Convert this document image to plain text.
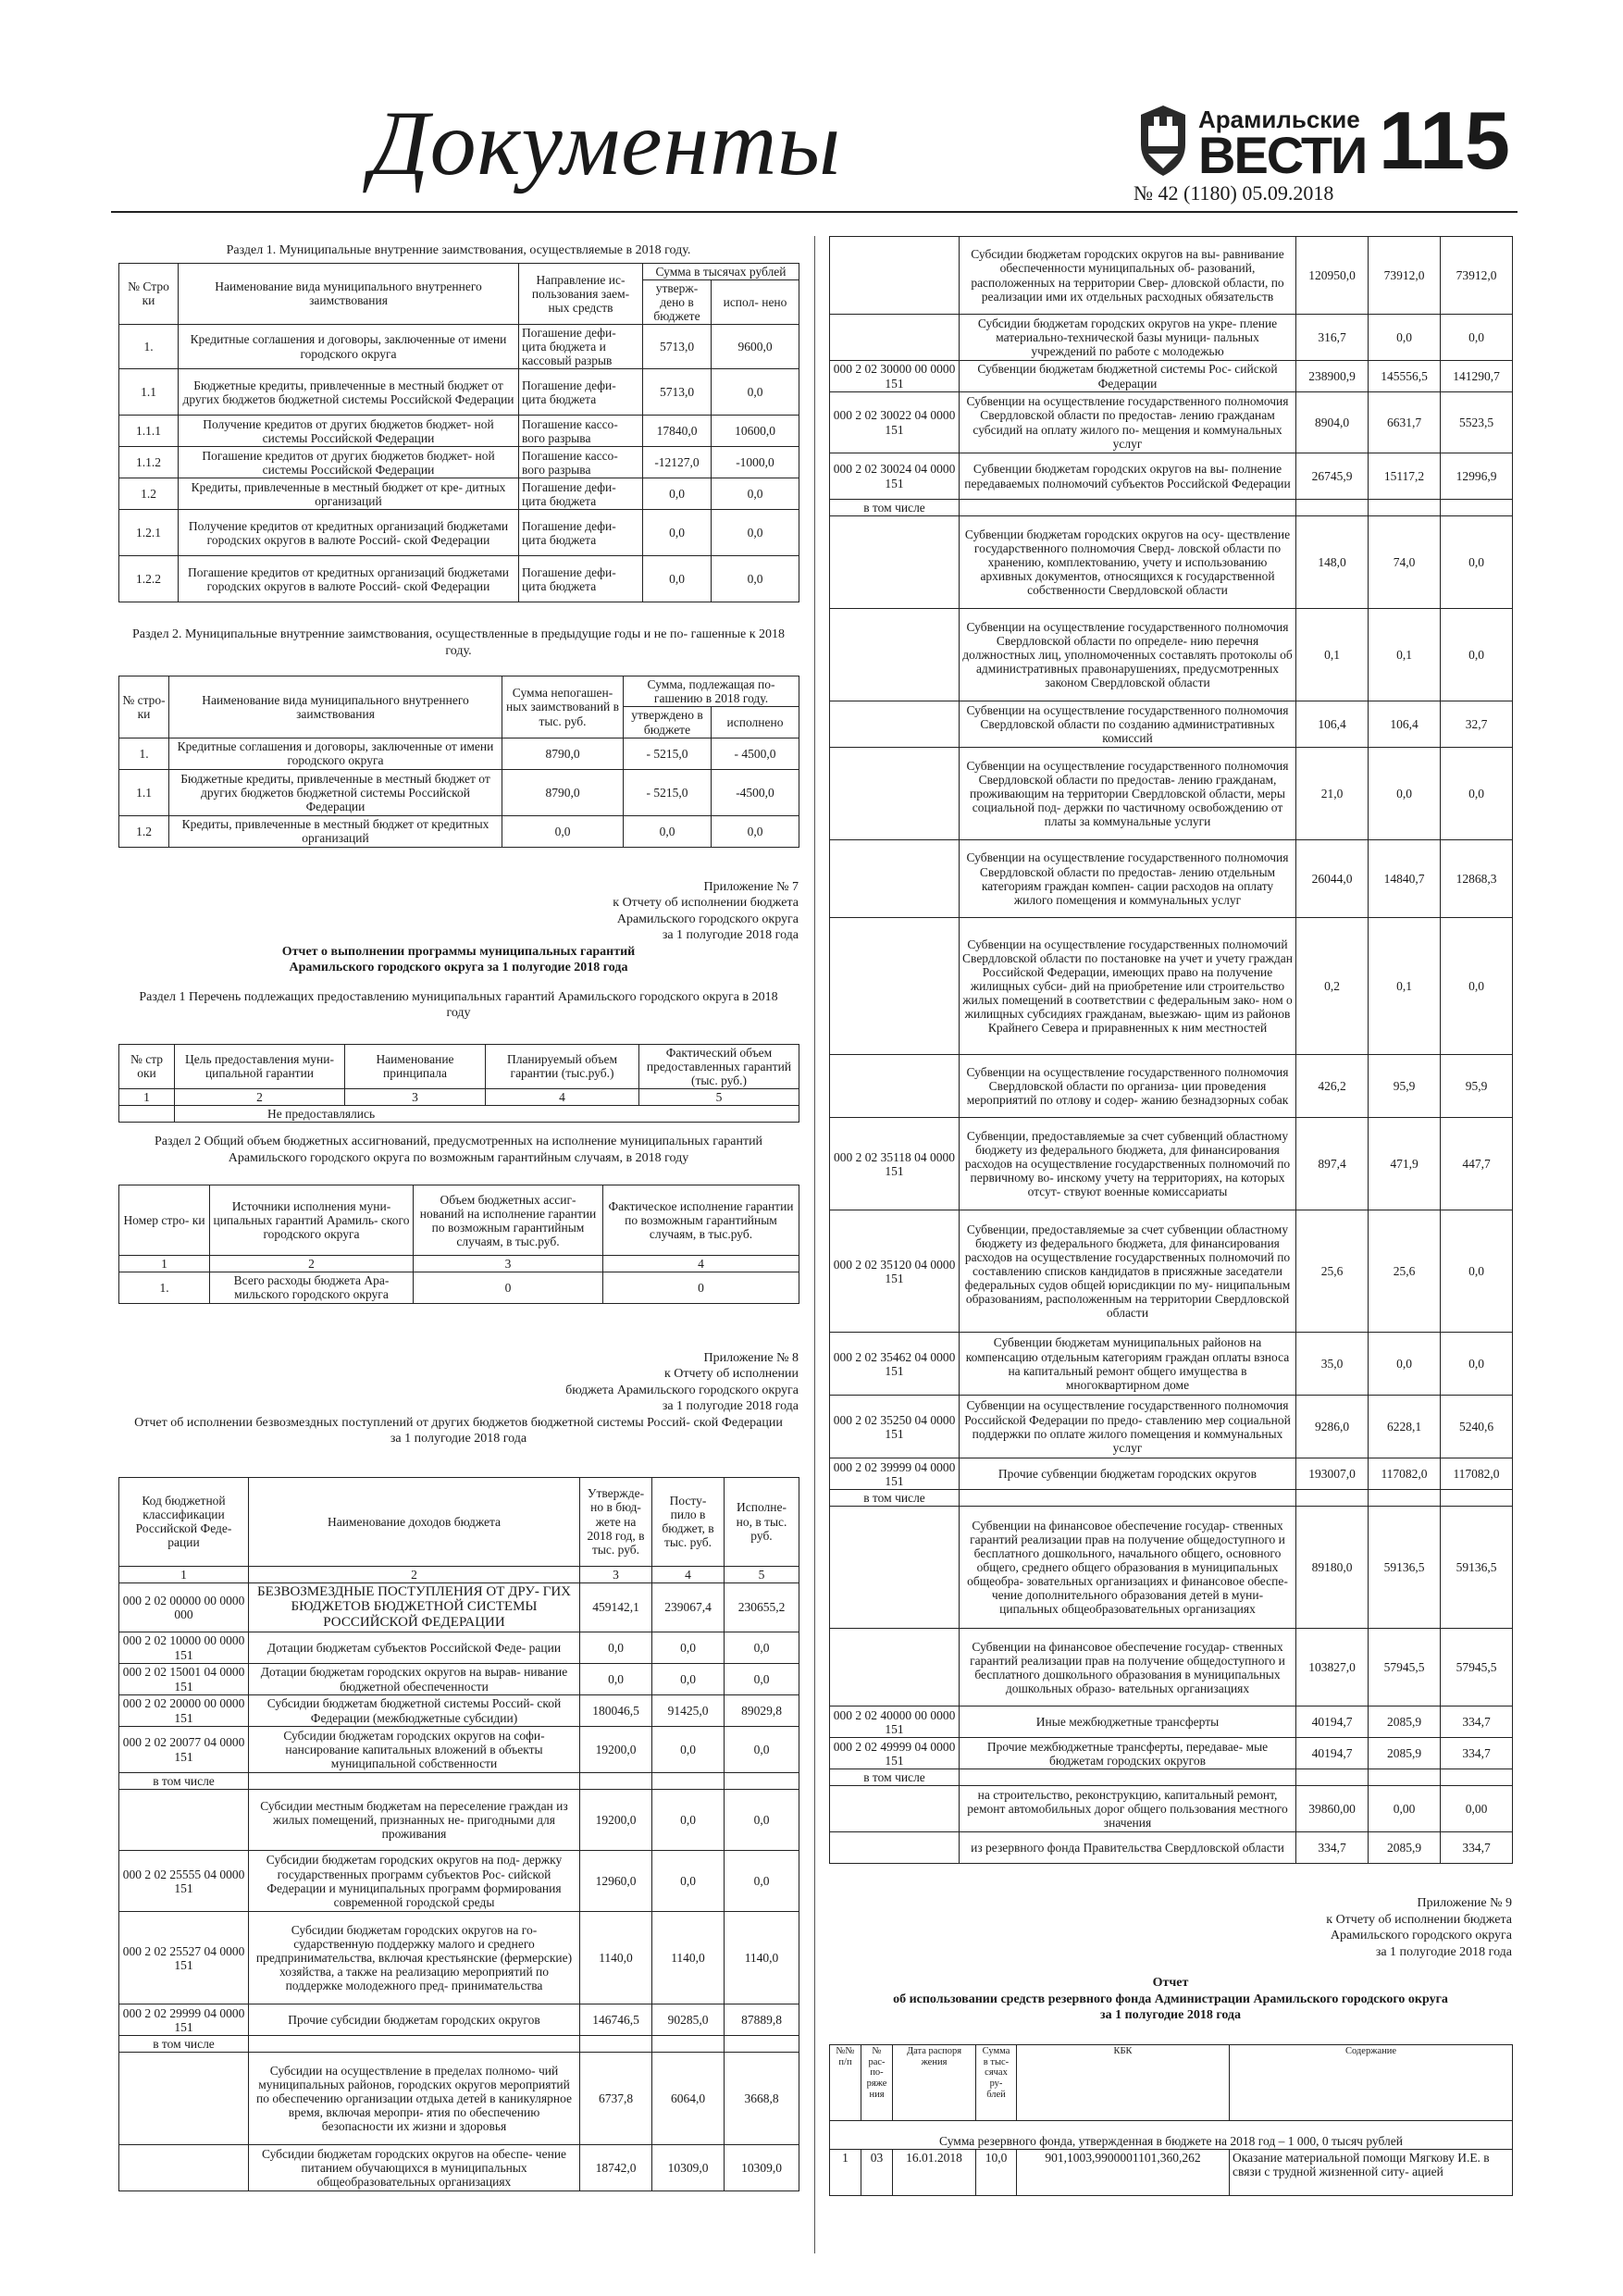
Документы	Арамильские
ВЕСТИ
№ 42 (1180) 05.09.2018
115
Раздел 1. Муниципальные внутренние заимствования, осуществляемые в 2018 году.
№ Стро ки	Наименование вида муниципального внутреннего заимствования	Направление ис- пользования заем- ных средств	Сумма в тысячах рублей	
			утверж- дено в бюджете	испол- нено
1.	Кредитные соглашения и договоры, заключенные от имени городского округа	Погашение дефи- цита бюджета и кассовый разрыв	5713,0	9600,0
1.1	Бюджетные кредиты, привлеченные в местный бюджет от других бюджетов бюджетной системы Российской Федерации	Погашение дефи- цита бюджета	5713,0	0,0
1.1.1	Получение кредитов от других бюджетов бюджет- ной системы Российской Федерации	Погашение кассо- вого разрыва	17840,0	10600,0
1.1.2	Погашение кредитов от других бюджетов бюджет- ной системы Российской Федерации	Погашение кассо- вого разрыва	-12127,0	-1000,0
1.2	Кредиты, привлеченные в местный бюджет от кре- дитных организаций	Погашение дефи- цита бюджета	0,0	0,0
1.2.1	Получение кредитов от кредитных организаций бюджетами городских округов в валюте Россий- ской Федерации	Погашение дефи- цита бюджета	0,0	0,0
1.2.2	Погашение кредитов от кредитных организаций бюджетами городских округов в валюте Россий- ской Федерации	Погашение дефи- цита бюджета	0,0	0,0
Раздел 2. Муниципальные внутренние заимствования, осуществленные в предыдущие годы и не по- гашенные к 2018 году.
№ стро- ки	Наименование вида муниципального внутреннего заимствования	Сумма непогашен- ных заимствований в тыс. руб.	Сумма, подлежащая по- гашению в 2018 году.	
			утверждено в бюджете	исполнено
1.	Кредитные соглашения и договоры, заключенные от имени городского округа	8790,0	- 5215,0	- 4500,0
1.1	Бюджетные кредиты, привлеченные в местный бюджет от других бюджетов бюджетной системы Российской Федерации	8790,0	- 5215,0	-4500,0
1.2	Кредиты, привлеченные в местный бюджет от кредитных организаций	0,0	0,0	0,0
Приложение № 7
к Отчету об исполнении бюджета
Арамильского городского округа
за 1 полугодие 2018 года
Отчет о выполнении программы муниципальных гарантий Арамильского городского округа за 1 полугодие 2018 года
Раздел 1 Перечень подлежащих предоставлению муниципальных гарантий Арамильского городского округа в 2018 году
№ стр оки	Цель предоставления муни- ципальной гарантии	Наименование принципала	Планируемый объем гарантии (тыс.руб.)	Фактический объем предоставленных гарантий (тыс. руб.)
1	2	3	4	5
	Не предоставлялись			
Раздел 2 Общий объем бюджетных ассигнований, предусмотренных на исполнение муниципальных гарантий Арамильского городского округа по возможным гарантийным случаям, в 2018 году
Номер стро- ки	Источники исполнения муни- ципальных гарантий Арамиль- ского городского округа	Объем бюджетных ассиг- нований на исполнение гарантии по возможным гарантийным случаям, в тыс.руб.	Фактическое исполнение гарантии по возможным гарантийным случаям, в тыс.руб.
1	2	3	4
1.	Всего расходы бюджета Ара- мильского городского округа	0	0
Приложение № 8
к Отчету об исполнении
бюджета Арамильского городского округа
за 1 полугодие 2018 года
Отчет об исполнении безвозмездных поступлений от других бюджетов бюджетной системы Россий- ской Федерации
за 1 полугодие 2018 года
Код бюджетной классификации Российской Феде- рации	Наименование доходов бюджета	Утвержде- но в бюд- жете на 2018 год, в тыс. руб.	Посту- пило в бюджет, в тыс. руб.	Исполне- но, в тыс. руб.
1	2	3	4	5
000 2 02 00000 00 0000 000	БЕЗВОЗМЕЗДНЫЕ ПОСТУПЛЕНИЯ ОТ ДРУ- ГИХ БЮДЖЕТОВ БЮДЖЕТНОЙ СИСТЕМЫ РОССИЙСКОЙ ФЕДЕРАЦИИ	459142,1	239067,4	230655,2
000 2 02 10000 00 0000 151	Дотации бюджетам субъектов Российской Феде- рации	0,0	0,0	0,0
000 2 02 15001 04 0000 151	Дотации бюджетам городских округов на вырав- нивание бюджетной обеспеченности	0,0	0,0	0,0
000 2 02 20000 00 0000 151	Субсидии бюджетам бюджетной системы Россий- ской Федерации (межбюджетные субсидии)	180046,5	91425,0	89029,8
000 2 02 20077 04 0000 151	Субсидии бюджетам городских округов на софи- нансирование капитальных вложений в объекты муниципальной собственности	19200,0	0,0	0,0
в том числе				
	Субсидии местным бюджетам на переселение граждан из жилых помещений, признанных не- пригодными для проживания	19200,0	0,0	0,0
000 2 02 25555 04 0000 151	Субсидии бюджетам городских округов на под- держку государственных программ субъектов Рос- сийской Федерации и муниципальных программ формирования современной городской среды	12960,0	0,0	0,0
000 2 02 25527 04 0000 151	Субсидии бюджетам городских округов на го- сударственную поддержку малого и среднего предпринимательства, включая крестьянские (фермерские) хозяйства, а также на реализацию мероприятий по поддержке молодежного пред- принимательства	1140,0	1140,0	1140,0
000 2 02 29999 04 0000 151	Прочие субсидии бюджетам городских округов	146746,5	90285,0	87889,8
в том числе				
	Субсидии на осуществление в пределах полномо- чий муниципальных районов, городских округов мероприятий по обеспечению организации отдыха детей в каникулярное время, включая меропри- ятия по обеспечению безопасности их жизни и здоровья	6737,8	6064,0	3668,8
	Субсидии бюджетам городских округов на обеспе- чение питанием обучающихся в муниципальных общеобразовательных организациях	18742,0	10309,0	10309,0
	Субсидии бюджетам городских округов на вы- равнивание обеспеченности муниципальных об- разований, расположенных на территории Свер- дловской области, по реализации ими их отдельных расходных обязательств	120950,0	73912,0	73912,0
	Субсидии бюджетам городских округов на укре- пление материально-технической базы муници- пальных учреждений по работе с молодежью	316,7	0,0	0,0
000 2 02 30000 00 0000 151	Субвенции бюджетам бюджетной системы Рос- сийской Федерации	238900,9	145556,5	141290,7
000 2 02 30022 04 0000 151	Субвенции на осуществление государственного полномочия Свердловской области по предостав- лению гражданам субсидий на оплату жилого по- мещения и коммунальных услуг	8904,0	6631,7	5523,5
000 2 02 30024 04 0000 151	Субвенции бюджетам городских округов на вы- полнение передаваемых полномочий субъектов Российской Федерации	26745,9	15117,2	12996,9
в том числе				
	Субвенции бюджетам городских округов на осу- ществление государственного полномочия Сверд- ловской области по хранению, комплектованию, учету и использованию архивных документов, относящихся к государственной собственности Свердловской области	148,0	74,0	0,0
	Субвенции на осуществление государственного полномочия Свердловской области по определе- нию перечня должностных лиц, уполномоченных составлять протоколы об административных правонарушениях, предусмотренных законом Свердловской области	0,1	0,1	0,0
	Субвенции на осуществление государственного полномочия Свердловской области по созданию административных комиссий	106,4	106,4	32,7
	Субвенции на осуществление государственного полномочия Свердловской области по предостав- лению гражданам, проживающим на территории Свердловской области, меры социальной под- держки по частичному освобождению от платы за коммунальные услуги	21,0	0,0	0,0
	Субвенции на осуществление государственного полномочия Свердловской области по предостав- лению отдельным категориям граждан компен- сации расходов на оплату жилого помещения и коммунальных услуг	26044,0	14840,7	12868,3
	Субвенции на осуществление государственных полномочий Свердловской области по постановке на учет и учету граждан Российской Федерации, имеющих право на получение жилищных субси- дий на приобретение или строительство жилых помещений в соответствии с федеральным зако- ном о жилищных субсидиях гражданам, выезжаю- щим из районов Крайнего Севера и приравненных к ним местностей	0,2	0,1	0,0
	Субвенции на осуществление государственного полномочия Свердловской области по организа- ции проведения мероприятий по отлову и содер- жанию безнадзорных собак	426,2	95,9	95,9
000 2 02 35118 04 0000 151	Субвенции, предоставляемые за счет субвенций областному бюджету из федерального бюджета, для финансирования расходов на осуществление государственных полномочий по первичному во- инскому учету на территориях, на которых отсут- ствуют военные комиссариаты	897,4	471,9	447,7
000 2 02 35120 04 0000 151	Субвенции, предоставляемые за счет субвенции областному бюджету из федерального бюджета, для финансирования расходов на осуществление государственных полномочий по составлению списков кандидатов в присяжные заседатели федеральных судов общей юрисдикции по му- ниципальным образованиям, расположенным на территории Свердловской области	25,6	25,6	0,0
000 2 02 35462 04 0000 151	Субвенции бюджетам муниципальных районов на компенсацию отдельным категориям граждан оплаты взноса на капитальный ремонт общего имущества в многоквартирном доме	35,0	0,0	0,0
000 2 02 35250 04 0000 151	Субвенции на осуществление государственного полномочия Российской Федерации по предо- ставлению мер социальной поддержки по оплате жилого помещения и коммунальных услуг	9286,0	6228,1	5240,6
000 2 02 39999 04 0000 151	Прочие субвенции бюджетам городских округов	193007,0	117082,0	117082,0
в том числе				
	Субвенции на финансовое обеспечение государ- ственных гарантий реализации прав на получение общедоступного и бесплатного дошкольного, начального общего, основного общего, среднего общего образования в муниципальных общеобра- зовательных организациях и финансовое обеспе- чение дополнительного образования детей в муни- ципальных общеобразовательных организациях	89180,0	59136,5	59136,5
	Субвенции на финансовое обеспечение государ- ственных гарантий реализации прав на получение общедоступного и бесплатного дошкольного образования в муниципальных дошкольных образо- вательных организациях	103827,0	57945,5	57945,5
000 2 02 40000 00 0000 151	Иные межбюджетные трансферты	40194,7	2085,9	334,7
000 2 02 49999 04 0000 151	Прочие межбюджетные трансферты, передавае- мые бюджетам городских округов	40194,7	2085,9	334,7
в том числе				
	на строительство, реконструкцию, капитальный ремонт, ремонт автомобильных дорог общего пользования местного значения	39860,00	0,00	0,00
	из резервного фонда Правительства Свердловской области	334,7	2085,9	334,7
Приложение № 9
к Отчету об исполнении бюджета
Арамильского городского округа
за 1 полугодие 2018 года
Отчет
об использовании средств резервного фонда Администрации Арамильского городского округа
за 1 полугодие 2018 года
№№ п/п	№ рас- по- ряже ния	Дата распоря жения	Сумма в тыс- сячах ру- блей	КБК	Содержание
Сумма резервного фонда, утвержденная в бюджете на 2018 год – 1 000, 0 тысяч рублей					
1	03	16.01.2018	10,0	901,1003,9900001101,360,262	Оказание материальной помощи Мягкову И.Е. в связи с трудной жизненной ситу- ацией
